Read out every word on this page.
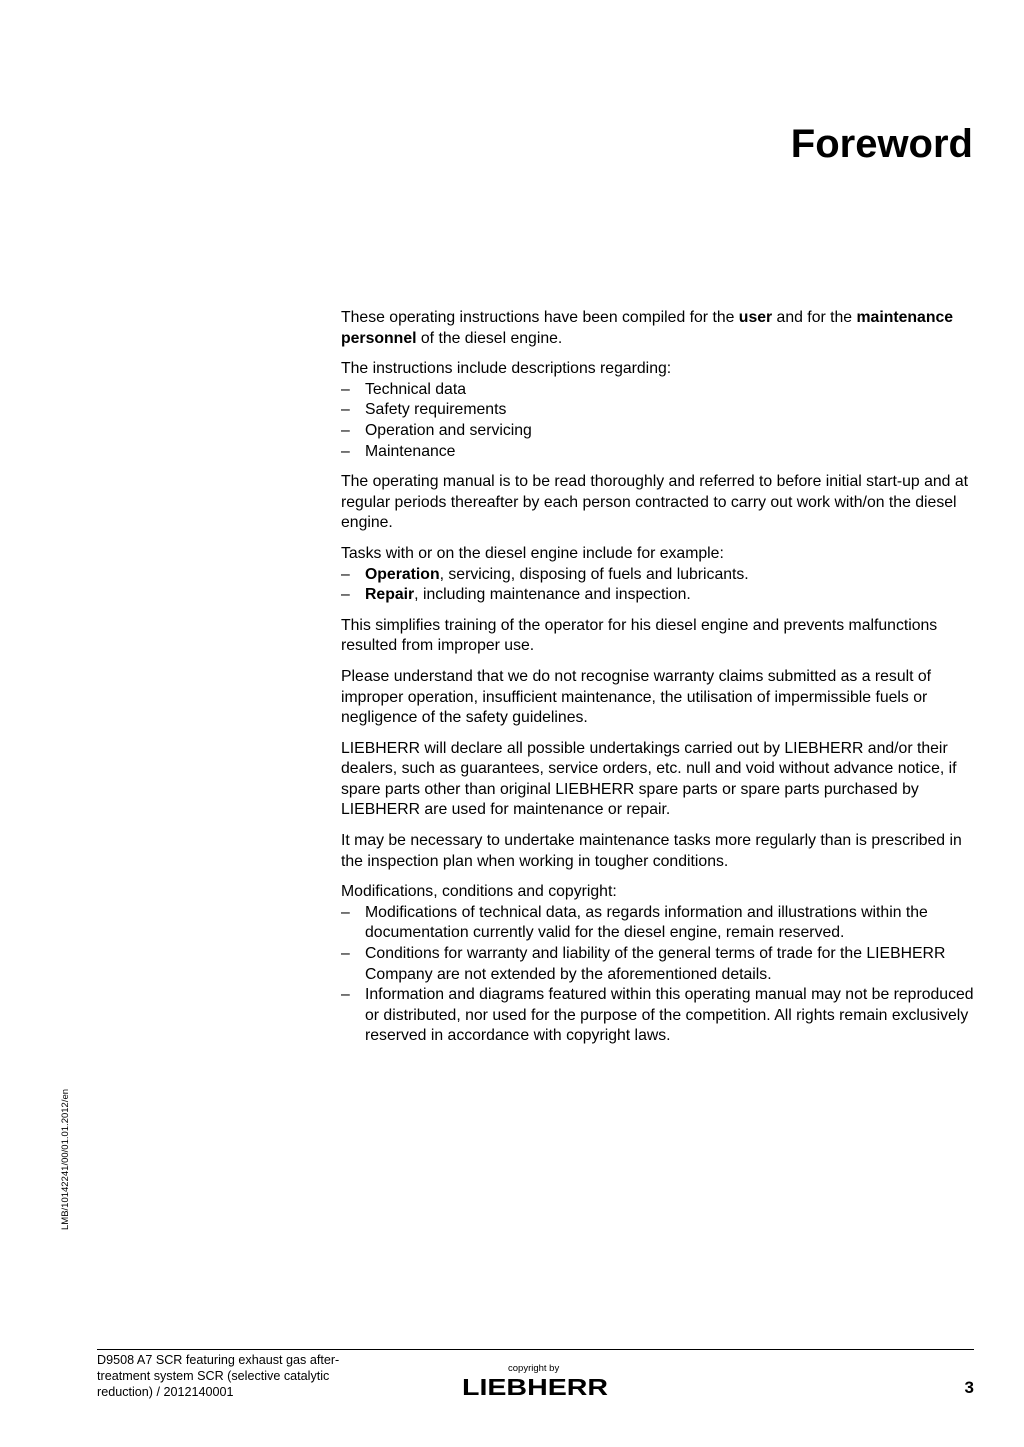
Foreword

These operating instructions have been compiled for the user and for the maintenance personnel of the diesel engine.

The instructions include descriptions regarding:

– Technical data
– Safety requirements
– Operation and servicing
– Maintenance

The operating manual is to be read thoroughly and referred to before initial start-up and at regular periods thereafter by each person contracted to carry out work with/on the diesel engine.

Tasks with or on the diesel engine include for example:

– Operation, servicing, disposing of fuels and lubricants.
– Repair, including maintenance and inspection.

This simplifies training of the operator for his diesel engine and prevents malfunctions resulted from improper use.

Please understand that we do not recognise warranty claims submitted as a result of improper operation, insufficient maintenance, the utilisation of impermissible fuels or negligence of the safety guidelines.

LIEBHERR will declare all possible undertakings carried out by LIEBHERR and/or their dealers, such as guarantees, service orders, etc. null and void without advance notice, if spare parts other than original LIEBHERR spare parts or spare parts purchased by LIEBHERR are used for maintenance or repair.

It may be necessary to undertake maintenance tasks more regularly than is prescribed in the inspection plan when working in tougher conditions.

Modifications, conditions and copyright:

– Modifications of technical data, as regards information and illustrations within the documentation currently valid for the diesel engine, remain reserved.
– Conditions for warranty and liability of the general terms of trade for the LIEBHERR Company are not extended by the aforementioned details.
– Information and diagrams featured within this operating manual may not be reproduced or distributed, nor used for the purpose of the competition. All rights remain exclusively reserved in accordance with copyright laws.
LMB/10142241/00/01.01.2012/en
D9508 A7 SCR featuring exhaust gas after-treatment system SCR (selective catalytic reduction) / 2012140001
copyright by
LIEBHERR	3
